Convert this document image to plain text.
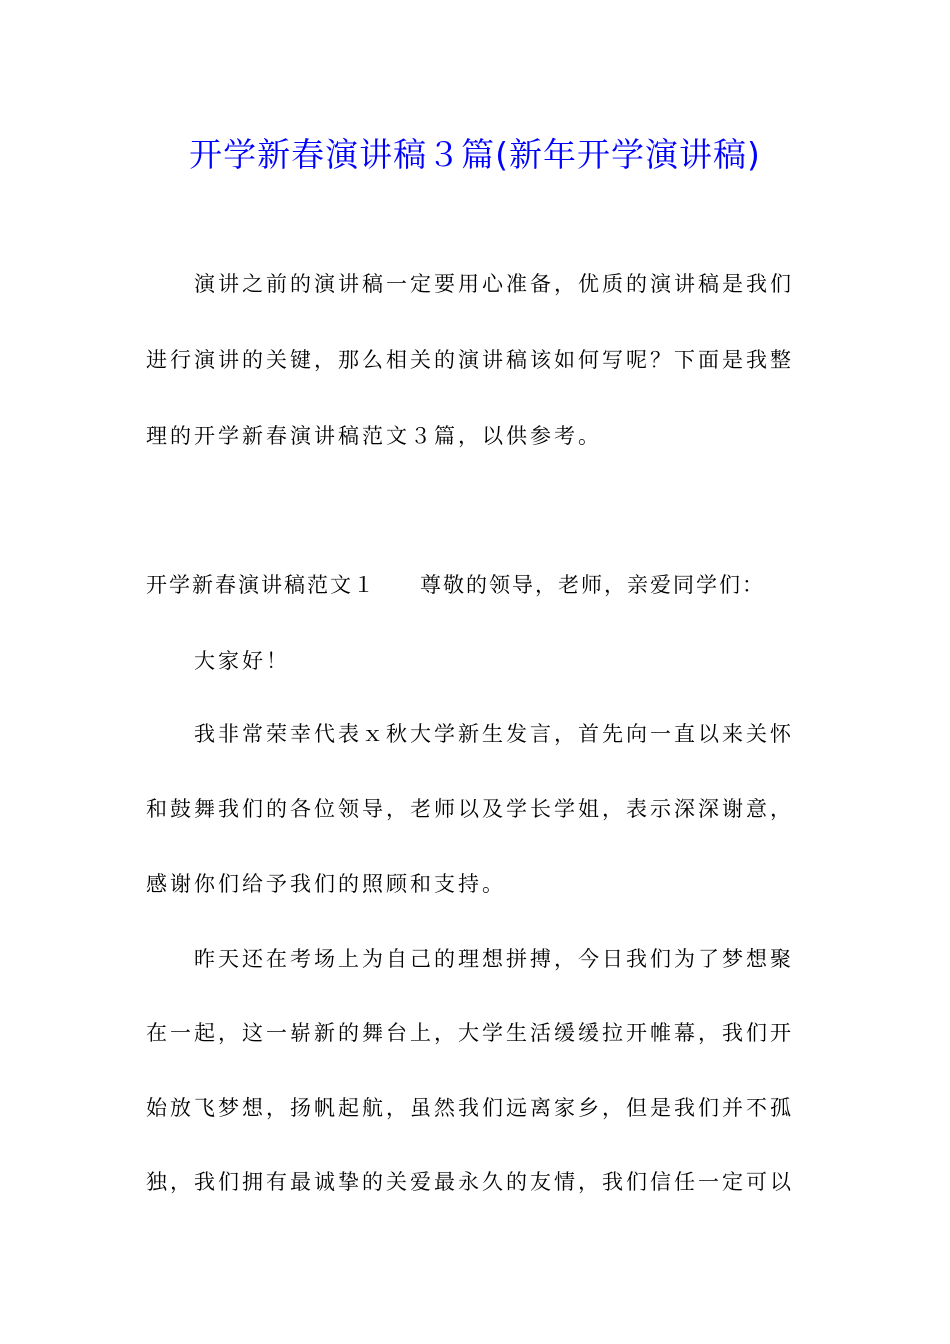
开学新春演讲稿３篇(新年开学演讲稿)
演讲之前的演讲稿一定要用心准备，优质的演讲稿是我们
进行演讲的关键，那么相关的演讲稿该如何写呢？下面是我整
理的开学新春演讲稿范文３篇，以供参考。
开学新春演讲稿范文１ 尊敬的领导，老师，亲爱同学们：
大家好！
我非常荣幸代表ｘ秋大学新生发言，首先向一直以来关怀
和鼓舞我们的各位领导，老师以及学长学姐，表示深深谢意，
感谢你们给予我们的照顾和支持。
昨天还在考场上为自己的理想拼搏，今日我们为了梦想聚
在一起，这一崭新的舞台上，大学生活缓缓拉开帷幕，我们开
始放飞梦想，扬帆起航，虽然我们远离家乡，但是我们并不孤
独，我们拥有最诚挚的关爱最永久的友情，我们信任一定可以
